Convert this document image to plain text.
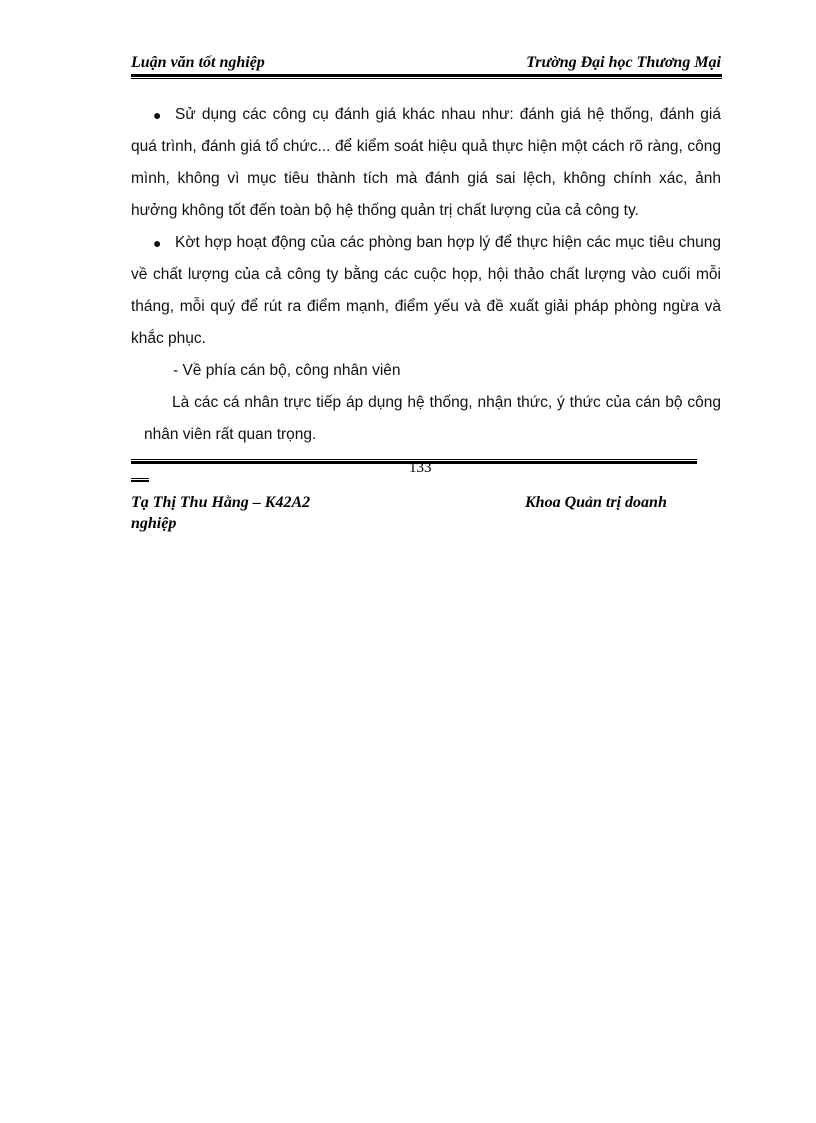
Luận văn tốt nghiệp	Trường Đại học Thương Mại

● Sử dụng các công cụ đánh giá khác nhau như: đánh giá hệ thống, đánh giá quá trình, đánh giá tổ chức... để kiểm soát hiệu quả thực hiện một cách rõ ràng, công mình, không vì mục tiêu thành tích mà đánh giá sai lệch, không chính xác, ảnh hưởng không tốt đến toàn bộ hệ thống quản trị chất lượng của cả công ty.

● Kờt hợp hoạt động của các phòng ban hợp lý để thực hiện các mục tiêu chung về chất lượng của cả công ty bằng các cuộc họp, hội thảo chất lượng vào cuối mỗi tháng, mỗi quý để rút ra điểm mạnh, điểm yếu và đề xuất giải pháp phòng ngừa và khắc phục.

- Về phía cán bộ, công nhân viên

Là các cá nhân trực tiếp áp dụng hệ thống, nhận thức, ý thức của cán bộ công nhân viên rất quan trọng.

133
Tạ Thị Thu Hằng – K42A2	Khoa Quản trị doanh
nghiệp
